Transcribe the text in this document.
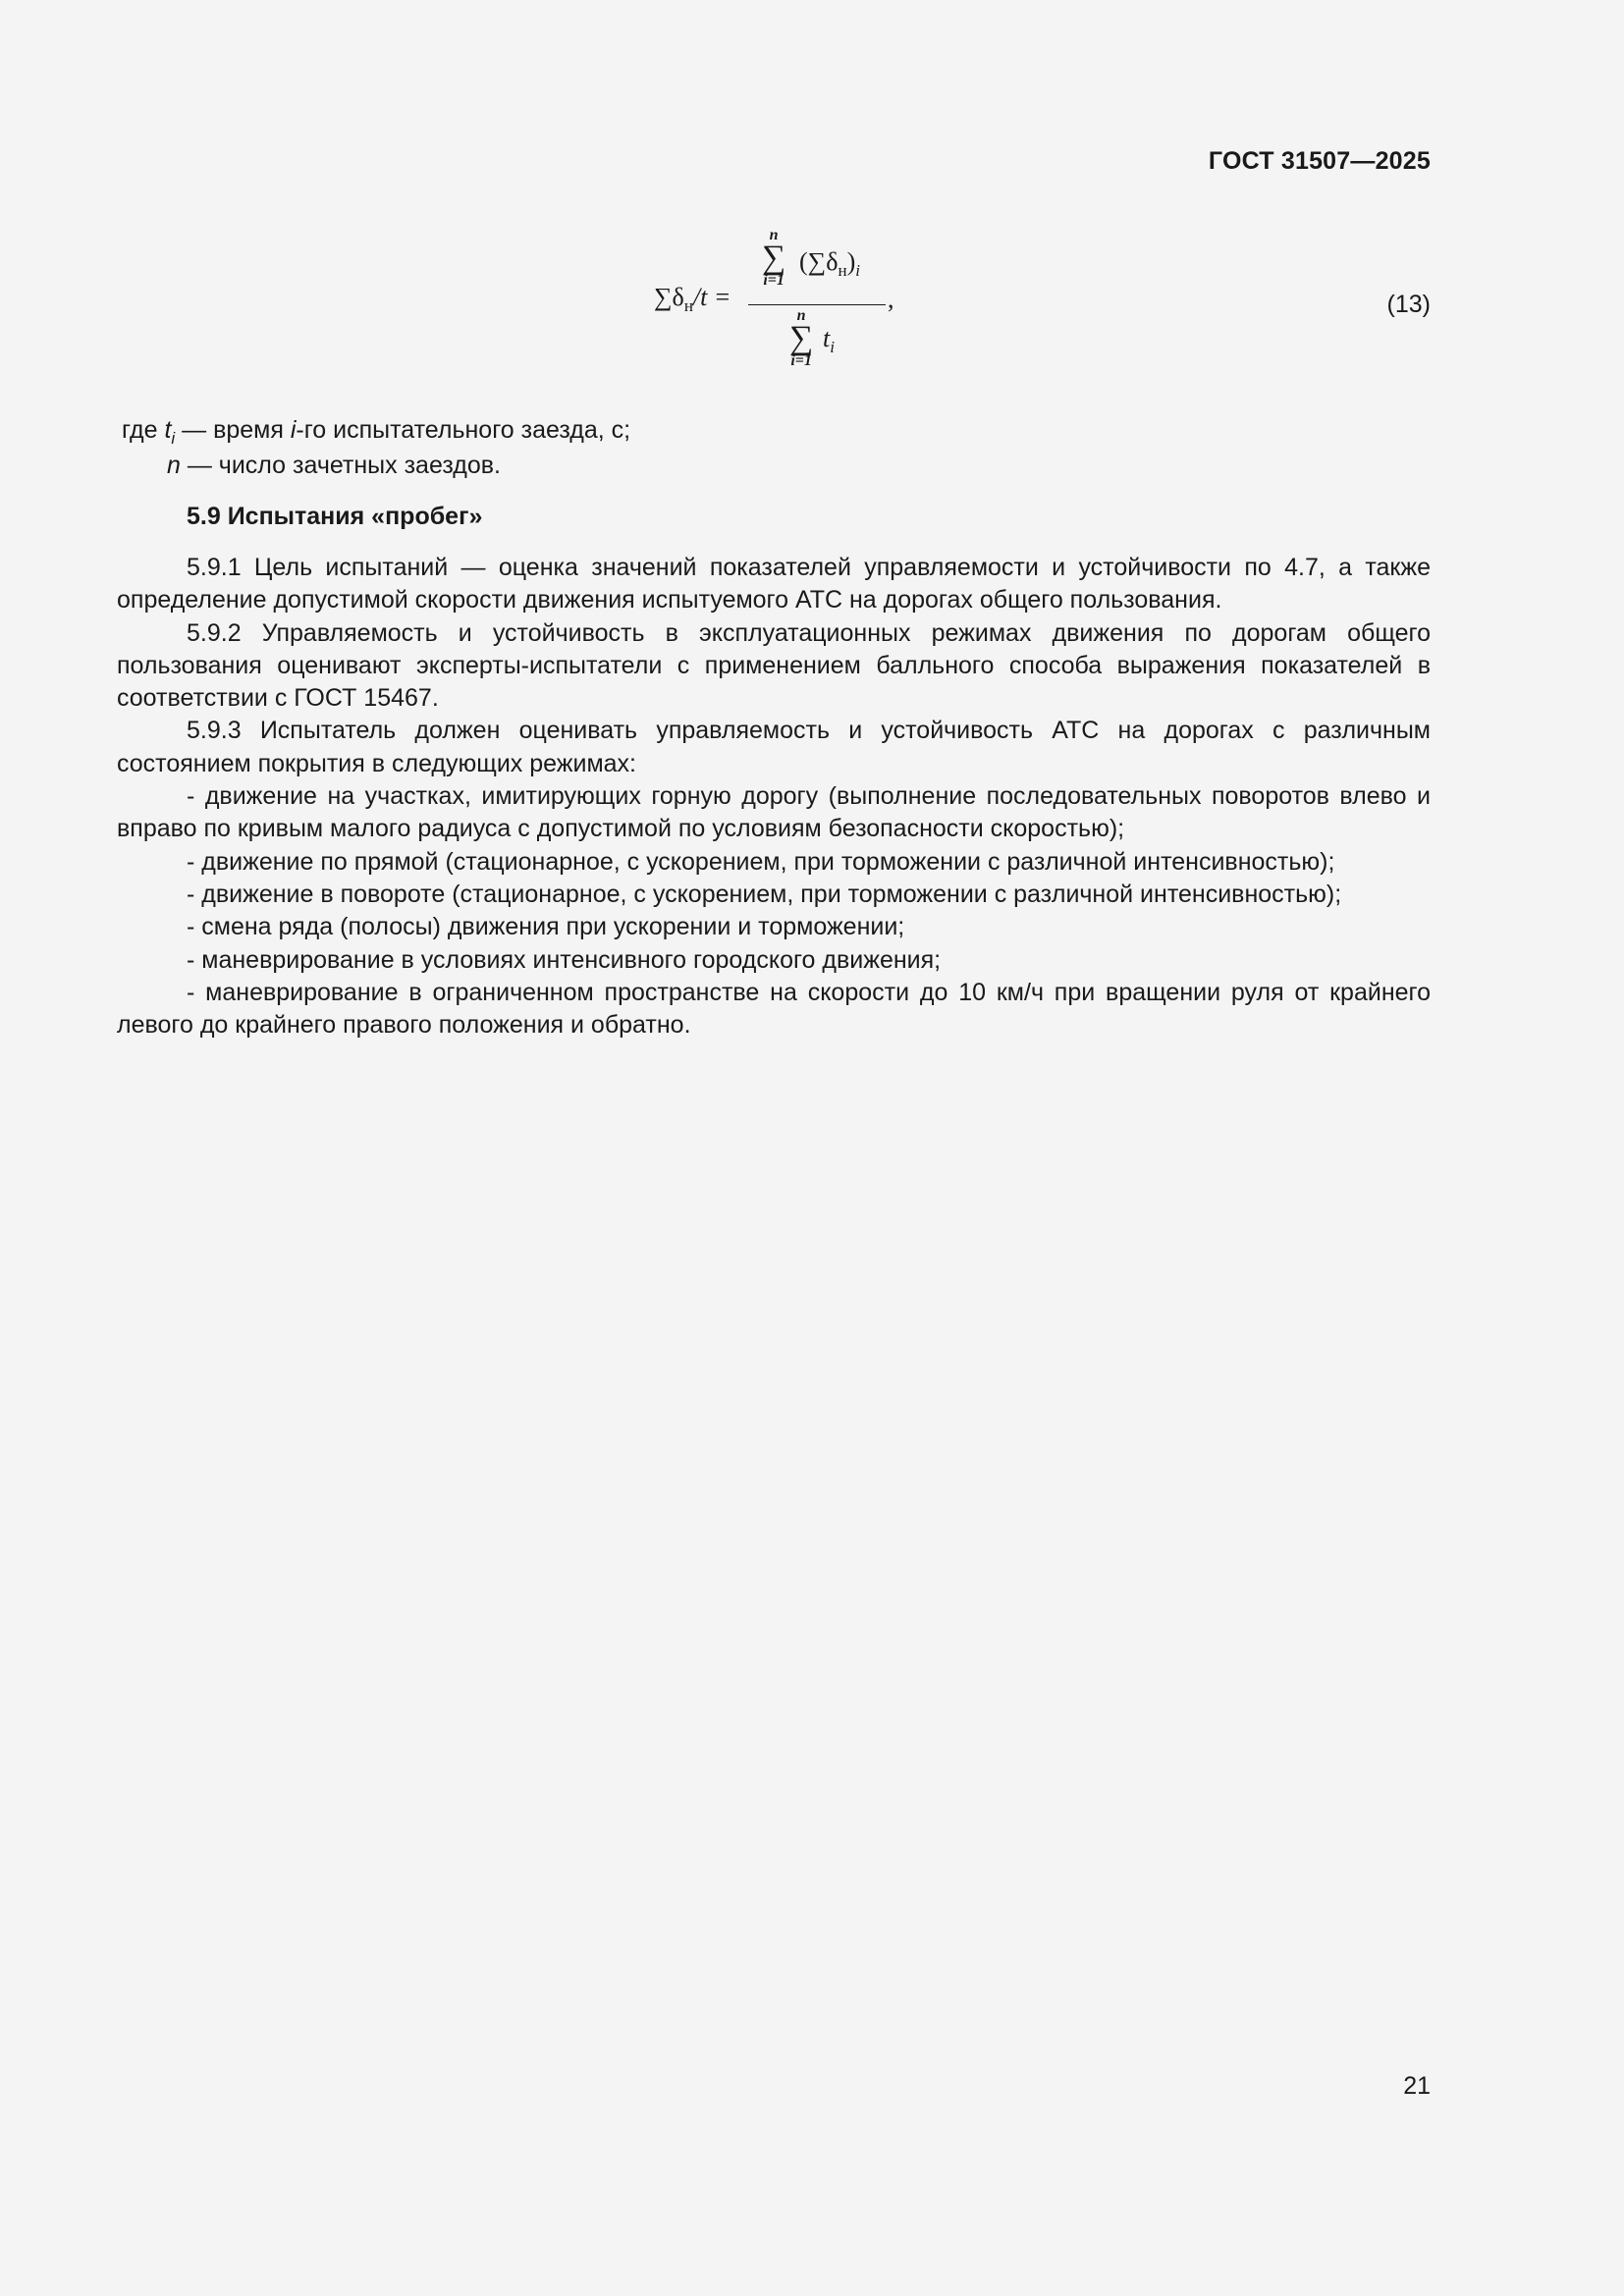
ГОСТ 31507—2025
$\sum\delta_н/t$ =
n
∑
i=1
$(\sum\delta_н)_i$
n
∑
i=1
$t_i$
,	(13)
где $t_i$ — время i-го испытательного заезда, с;
n — число зачетных заездов.
5.9 Испытания «пробег»

5.9.1 Цель испытаний — оценка значений показателей управляемости и устойчивости по 4.7, а также определение допустимой скорости движения испытуемого АТС на дорогах общего пользования.

5.9.2 Управляемость и устойчивость в эксплуатационных режимах движения по дорогам общего пользования оценивают эксперты-испытатели с применением балльного способа выражения показателей в соответствии с ГОСТ 15467.

5.9.3 Испытатель должен оценивать управляемость и устойчивость АТС на дорогах с различным состоянием покрытия в следующих режимах:

- движение на участках, имитирующих горную дорогу (выполнение последовательных поворотов влево и вправо по кривым малого радиуса с допустимой по условиям безопасности скоростью);

- движение по прямой (стационарное, с ускорением, при торможении с различной интенсивностью);

- движение в повороте (стационарное, с ускорением, при торможении с различной интенсивностью);

- смена ряда (полосы) движения при ускорении и торможении;

- маневрирование в условиях интенсивного городского движения;

- маневрирование в ограниченном пространстве на скорости до 10 км/ч при вращении руля от крайнего левого до крайнего правого положения и обратно.

21
